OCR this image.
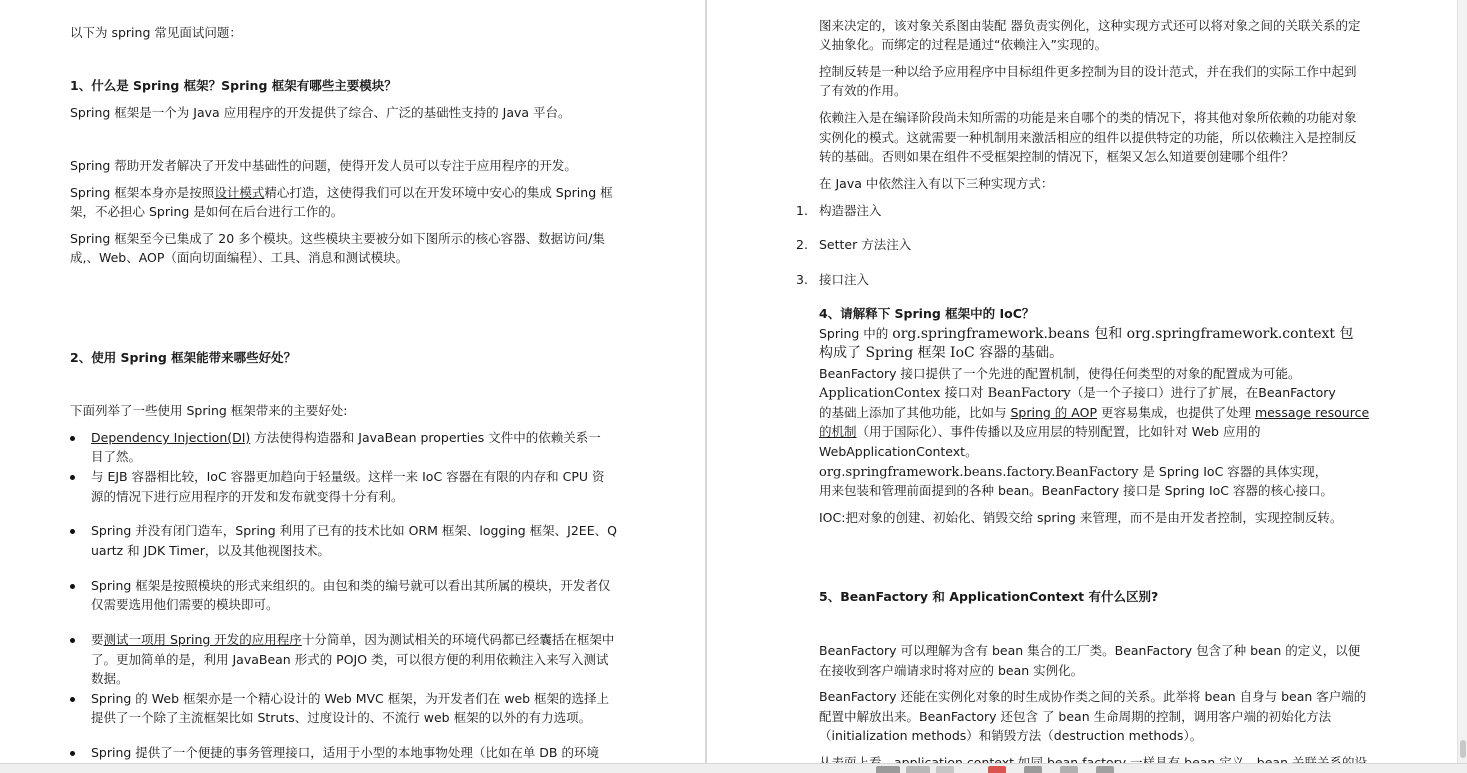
以下为 spring 常见面试问题：
1、什么是 Spring 框架？Spring 框架有哪些主要模块？
Spring 框架是一个为 Java 应用程序的开发提供了综合、广泛的基础性支持的 Java 平台。
Spring 帮助开发者解决了开发中基础性的问题，使得开发人员可以专注于应用程序的开发。
Spring 框架本身亦是按照设计模式精心打造，这使得我们可以在开发环境中安心的集成 Spring 框
架，不必担心 Spring 是如何在后台进行工作的。
Spring 框架至今已集成了 20 多个模块。这些模块主要被分如下图所示的核心容器、数据访问/集
成,、Web、AOP（面向切面编程）、工具、消息和测试模块。
2、使用 Spring 框架能带来哪些好处？
下面列举了一些使用 Spring 框架带来的主要好处:
Dependency Injection(DI) 方法使得构造器和 JavaBean properties 文件中的依赖关系一
目了然。
与 EJB 容器相比较，IoC 容器更加趋向于轻量级。这样一来 IoC 容器在有限的内存和 CPU 资
源的情况下进行应用程序的开发和发布就变得十分有利。
Spring 并没有闭门造车，Spring 利用了已有的技术比如 ORM 框架、logging 框架、J2EE、Q
uartz 和 JDK Timer，以及其他视图技术。
Spring 框架是按照模块的形式来组织的。由包和类的编号就可以看出其所属的模块，开发者仅
仅需要选用他们需要的模块即可。
要测试一项用 Spring 开发的应用程序十分简单，因为测试相关的环境代码都已经囊括在框架中
了。更加简单的是，利用 JavaBean 形式的 POJO 类，可以很方便的利用依赖注入来写入测试
数据。
Spring 的 Web 框架亦是一个精心设计的 Web MVC 框架，为开发者们在 web 框架的选择上
提供了一个除了主流框架比如 Struts、过度设计的、不流行 web 框架的以外的有力选项。
Spring 提供了一个便捷的事务管理接口，适用于小型的本地事物处理（比如在单 DB 的环境
图来决定的，该对象关系图由装配 器负责实例化，这种实现方式还可以将对象之间的关联关系的定
义抽象化。而绑定的过程是通过“依赖注入”实现的。
控制反转是一种以给予应用程序中目标组件更多控制为目的设计范式，并在我们的实际工作中起到
了有效的作用。
依赖注入是在编译阶段尚未知所需的功能是来自哪个的类的情况下，将其他对象所依赖的功能对象
实例化的模式。这就需要一种机制用来激活相应的组件以提供特定的功能，所以依赖注入是控制反
转的基础。否则如果在组件不受框架控制的情况下，框架又怎么知道要创建哪个组件？
在 Java 中依然注入有以下三种实现方式：
1. 构造器注入
2. Setter 方法注入
3. 接口注入
4、请解释下 Spring 框架中的 IoC？
Spring 中的 org.springframework.beans 包和 org.springframework.context 包
构成了 Spring 框架 IoC 容器的基础。
BeanFactory 接口提供了一个先进的配置机制，使得任何类型的对象的配置成为可能。
ApplicationContex 接口对 BeanFactory（是一个子接口）进行了扩展，在BeanFactory
的基础上添加了其他功能，比如与 Spring 的 AOP 更容易集成，也提供了处理 message resource
的机制（用于国际化）、事件传播以及应用层的特别配置，比如针对 Web 应用的
WebApplicationContext。
org.springframework.beans.factory.BeanFactory 是 Spring IoC 容器的具体实现，
用来包装和管理前面提到的各种 bean。BeanFactory 接口是 Spring IoC 容器的核心接口。
IOC:把对象的创建、初始化、销毁交给 spring 来管理，而不是由开发者控制，实现控制反转。
5、BeanFactory 和 ApplicationContext 有什么区别?
BeanFactory 可以理解为含有 bean 集合的工厂类。BeanFactory 包含了种 bean 的定义，以便
在接收到客户端请求时将对应的 bean 实例化。
BeanFactory 还能在实例化对象的时生成协作类之间的关系。此举将 bean 自身与 bean 客户端的
配置中解放出来。BeanFactory 还包含 了 bean 生命周期的控制，调用客户端的初始化方法
（initialization methods）和销毁方法（destruction methods）。
